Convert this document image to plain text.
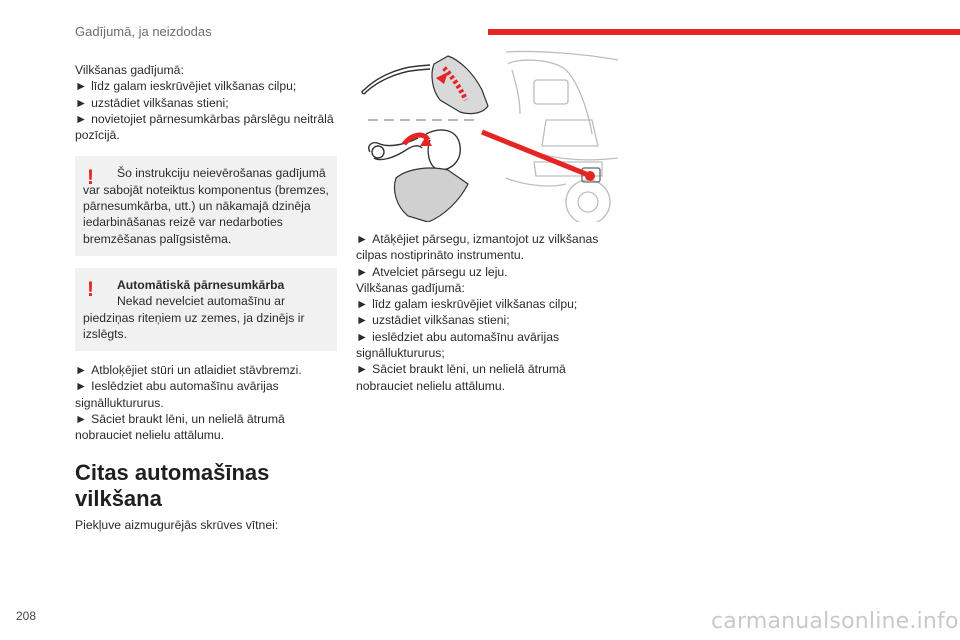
Gadījumā, ja neizdodas

Vilkšanas gadījumā:

► līdz galam ieskrūvējiet vilkšanas cilpu;

► uzstādiet vilkšanas stieni;

► novietojiet pārnesumkārbas pārslēgu neitrālā pozīcijā.

!	Šo instrukciju neievērošanas gadījumā var sabojāt noteiktus komponentus (bremzes, pārnesumkārba, utt.) un nākamajā dzinēja iedarbināšanas reizē var nedarboties bremzēšanas palīgsistēma.

!	Automātiskā pārnesumkārba

Nekad nevelciet automašīnu ar piedziņas riteņiem uz zemes, ja dzinējs ir izslēgts.

► Atbloķējiet stūri un atlaidiet stāvbremzi.

► Ieslēdziet abu automašīnu avārijas signālluktururus.

► Sāciet braukt lēni, un nelielā ātrumā nobrauciet nelielu attālumu.

Citas automašīnas vilkšana

Piekļuve aizmugurējās skrūves vītnei:

► Atāķējiet pārsegu, izmantojot uz vilkšanas cilpas nostiprināto instrumentu.

► Atvelciet pārsegu uz leju.

Vilkšanas gadījumā:

► līdz galam ieskrūvējiet vilkšanas cilpu;

► uzstādiet vilkšanas stieni;

► ieslēdziet abu automašīnu avārijas signālluktururus;

► Sāciet braukt lēni, un nelielā ātrumā nobrauciet nelielu attālumu.

208	carmanualsonline.info
